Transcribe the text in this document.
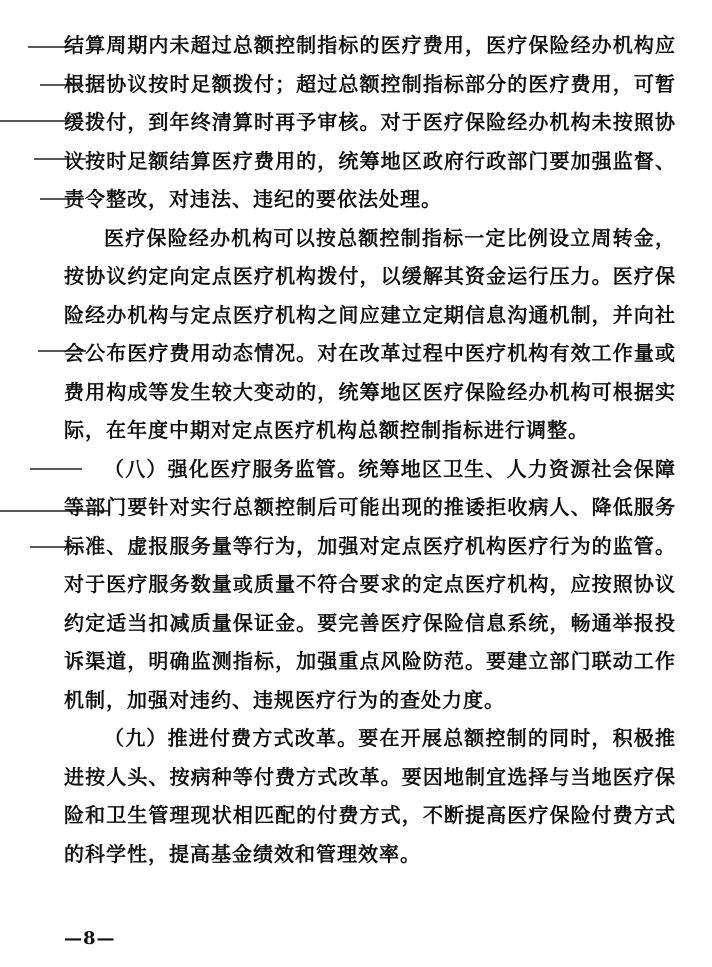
结算周期内未超过总额控制指标的医疗费用，医疗保险经办机构应根据协议按时足额拨付；超过总额控制指标部分的医疗费用，可暂缓拨付，到年终清算时再予审核。对于医疗保险经办机构未按照协议按时足额结算医疗费用的，统筹地区政府行政部门要加强监督、责令整改，对违法、违纪的要依法处理。

医疗保险经办机构可以按总额控制指标一定比例设立周转金，按协议约定向定点医疗机构拨付，以缓解其资金运行压力。医疗保险经办机构与定点医疗机构之间应建立定期信息沟通机制，并向社会公布医疗费用动态情况。对在改革过程中医疗机构有效工作量或费用构成等发生较大变动的，统筹地区医疗保险经办机构可根据实际，在年度中期对定点医疗机构总额控制指标进行调整。

（八）强化医疗服务监管。统筹地区卫生、人力资源社会保障等部门要针对实行总额控制后可能出现的推诿拒收病人、降低服务标准、虚报服务量等行为，加强对定点医疗机构医疗行为的监管。对于医疗服务数量或质量不符合要求的定点医疗机构，应按照协议约定适当扣减质量保证金。要完善医疗保险信息系统，畅通举报投诉渠道，明确监测指标，加强重点风险防范。要建立部门联动工作机制，加强对违约、违规医疗行为的查处力度。

（九）推进付费方式改革。要在开展总额控制的同时，积极推进按人头、按病种等付费方式改革。要因地制宜选择与当地医疗保险和卫生管理现状相匹配的付费方式，不断提高医疗保险付费方式的科学性，提高基金绩效和管理效率。

—8—
